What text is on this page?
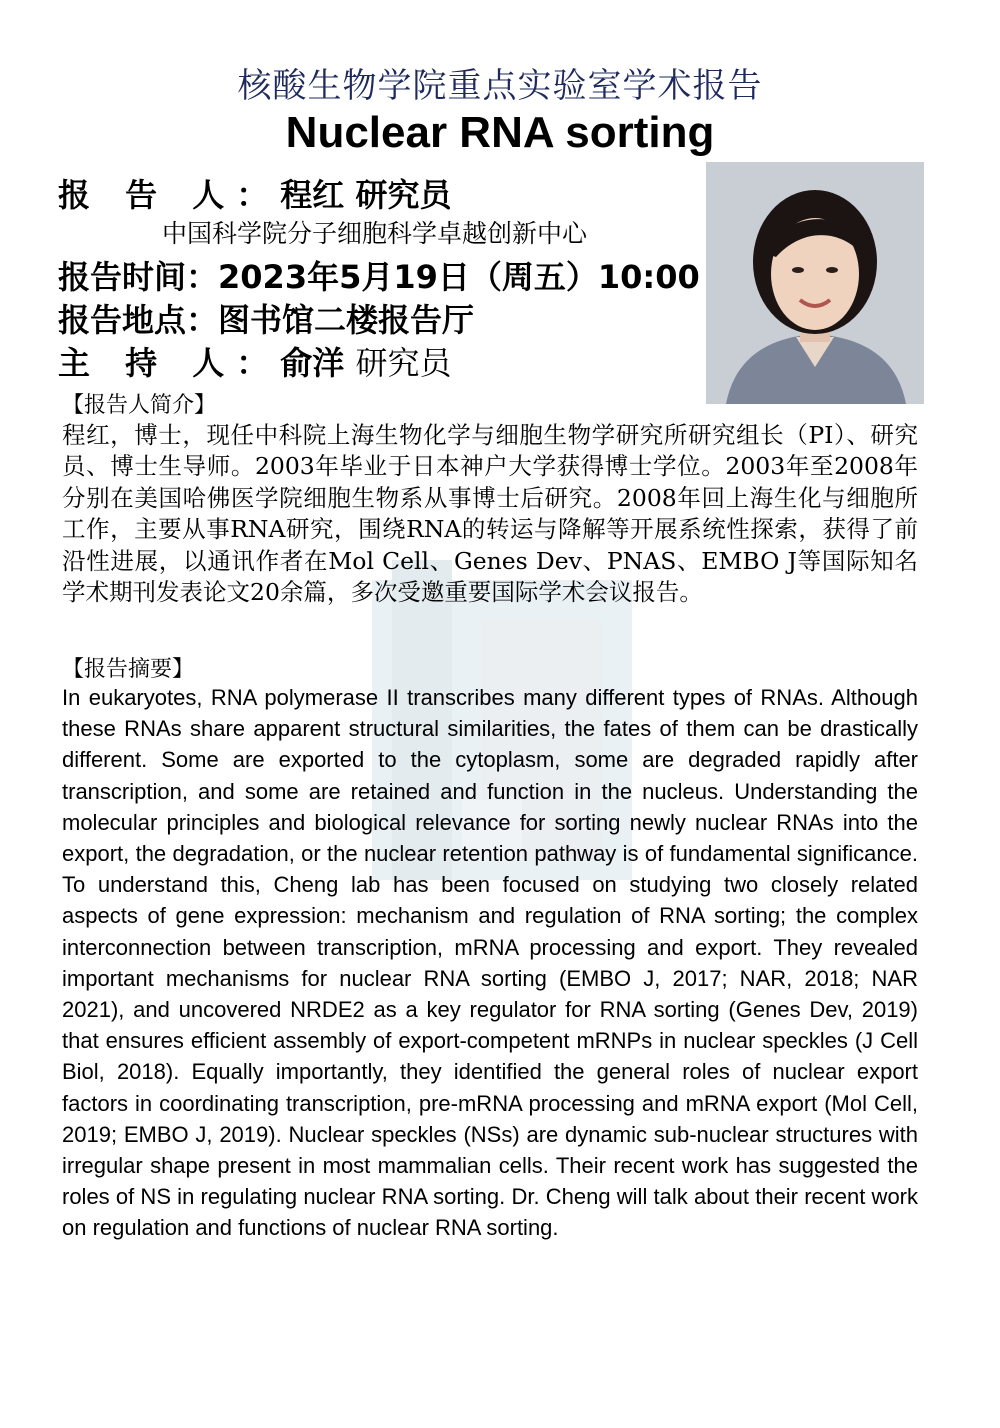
核酸生物学院重点实验室学术报告
Nuclear RNA sorting
报 告 人：程红 研究员
中国科学院分子细胞科学卓越创新中心
报告时间：2023年5月19日（周五）10:00
报告地点：图书馆二楼报告厅
主 持 人：俞洋 研究员
【报告人简介】
程红，博士，现任中科院上海生物化学与细胞生物学研究所研究组长（PI）、研究员、博士生导师。2003年毕业于日本神户大学获得博士学位。2003年至2008年分别在美国哈佛医学院细胞生物系从事博士后研究。2008年回上海生化与细胞所工作，主要从事RNA研究，围绕RNA的转运与降解等开展系统性探索，获得了前沿性进展，以通讯作者在Mol Cell、Genes Dev、PNAS、EMBO J等国际知名学术期刊发表论文20余篇，多次受邀重要国际学术会议报告。
【报告摘要】
In eukaryotes, RNA polymerase II transcribes many different types of RNAs. Although these RNAs share apparent structural similarities, the fates of them can be drastically different. Some are exported to the cytoplasm, some are degraded rapidly after transcription, and some are retained and function in the nucleus. Understanding the molecular principles and biological relevance for sorting newly nuclear RNAs into the export, the degradation, or the nuclear retention pathway is of fundamental significance. To understand this, Cheng lab has been focused on studying two closely related aspects of gene expression: mechanism and regulation of RNA sorting; the complex interconnection between transcription, mRNA processing and export. They revealed important mechanisms for nuclear RNA sorting (EMBO J, 2017; NAR, 2018; NAR 2021), and uncovered NRDE2 as a key regulator for RNA sorting (Genes Dev, 2019) that ensures efficient assembly of export-competent mRNPs in nuclear speckles (J Cell Biol, 2018). Equally importantly, they identified the general roles of nuclear export factors in coordinating transcription, pre-mRNA processing and mRNA export (Mol Cell, 2019; EMBO J, 2019). Nuclear speckles (NSs) are dynamic sub-nuclear structures with irregular shape present in most mammalian cells. Their recent work has suggested the roles of NS in regulating nuclear RNA sorting. Dr. Cheng will talk about their recent work on regulation and functions of nuclear RNA sorting.
